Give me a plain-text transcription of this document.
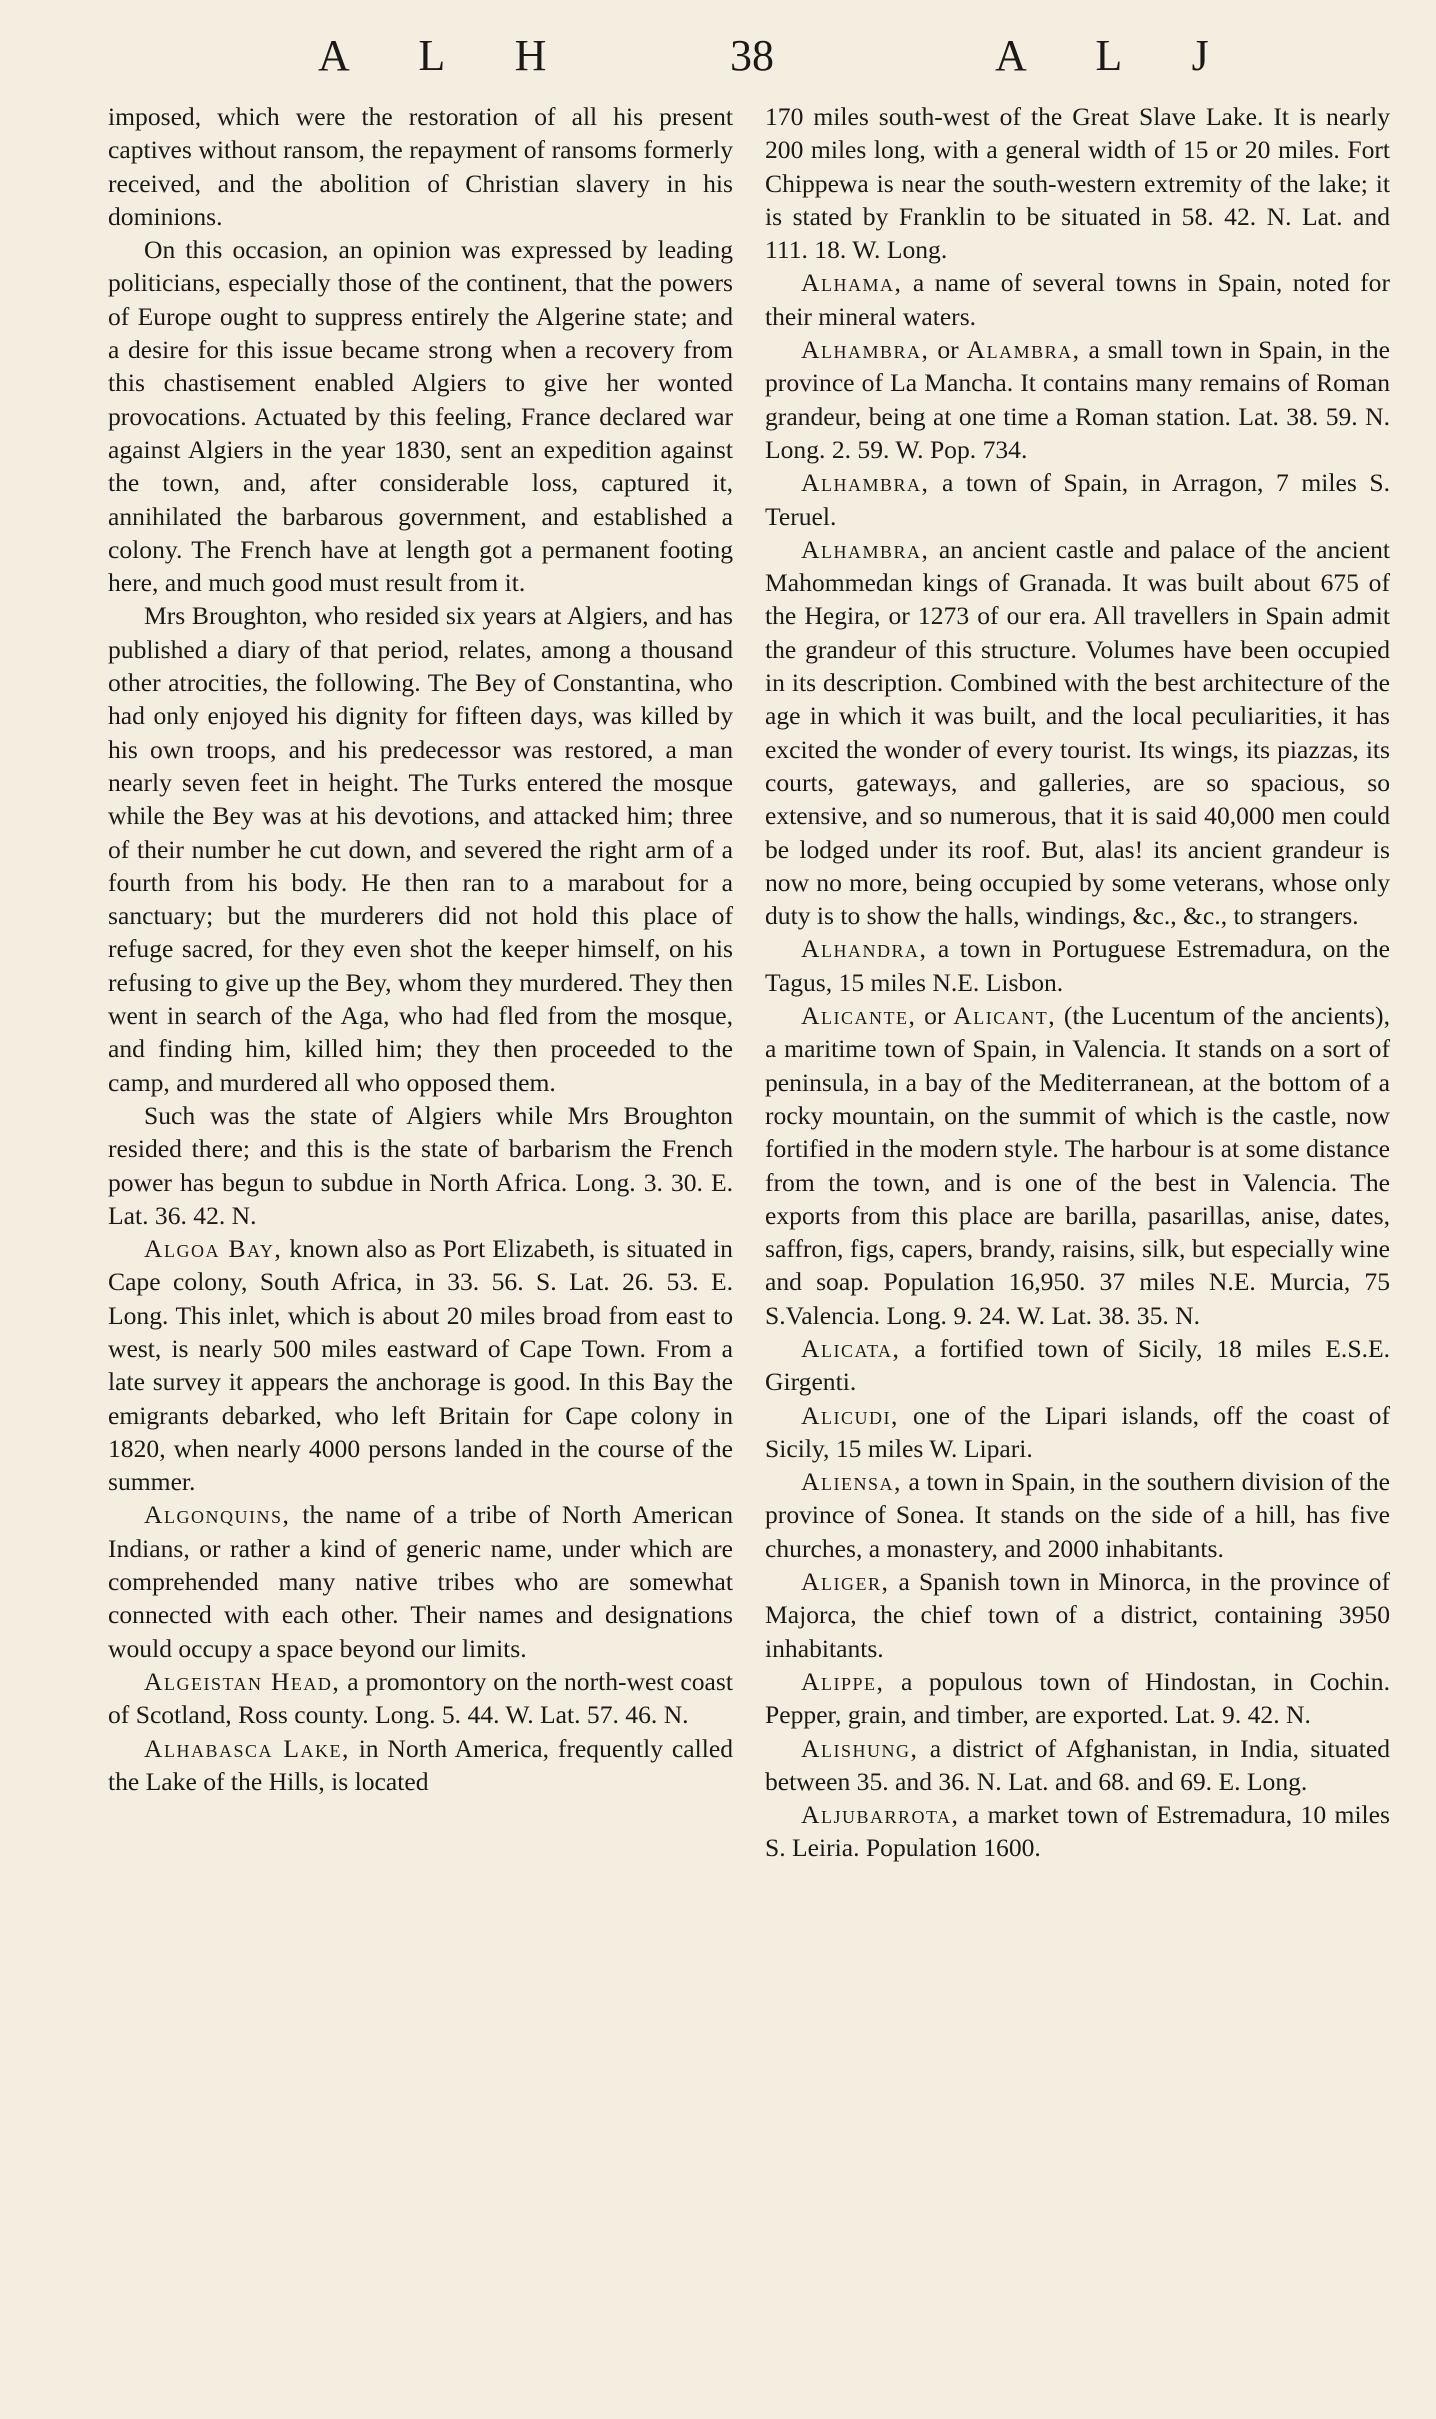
A L H	38	A L J

imposed, which were the restoration of all his present captives without ransom, the repayment of ransoms formerly received, and the abolition of Christian slavery in his dominions.

On this occasion, an opinion was expressed by leading politicians, especially those of the continent, that the powers of Europe ought to suppress entirely the Algerine state; and a desire for this issue became strong when a recovery from this chastisement enabled Algiers to give her wonted provocations. Actuated by this feeling, France declared war against Algiers in the year 1830, sent an expedition against the town, and, after considerable loss, captured it, annihilated the barbarous government, and established a colony. The French have at length got a permanent footing here, and much good must result from it.

Mrs Broughton, who resided six years at Algiers, and has published a diary of that period, relates, among a thousand other atrocities, the following. The Bey of Constantina, who had only enjoyed his dignity for fifteen days, was killed by his own troops, and his predecessor was restored, a man nearly seven feet in height. The Turks entered the mosque while the Bey was at his devotions, and attacked him; three of their number he cut down, and severed the right arm of a fourth from his body. He then ran to a marabout for a sanctuary; but the murderers did not hold this place of refuge sacred, for they even shot the keeper himself, on his refusing to give up the Bey, whom they murdered. They then went in search of the Aga, who had fled from the mosque, and finding him, killed him; they then proceeded to the camp, and murdered all who opposed them.

Such was the state of Algiers while Mrs Broughton resided there; and this is the state of barbarism the French power has begun to subdue in North Africa. Long. 3. 30. E. Lat. 36. 42. N.

Algoa Bay, known also as Port Elizabeth, is situated in Cape colony, South Africa, in 33. 56. S. Lat. 26. 53. E. Long. This inlet, which is about 20 miles broad from east to west, is nearly 500 miles eastward of Cape Town. From a late survey it appears the anchorage is good. In this Bay the emigrants debarked, who left Britain for Cape colony in 1820, when nearly 4000 persons landed in the course of the summer.

Algonquins, the name of a tribe of North American Indians, or rather a kind of generic name, under which are comprehended many native tribes who are somewhat connected with each other. Their names and designations would occupy a space beyond our limits.

Algeistan Head, a promontory on the north-west coast of Scotland, Ross county. Long. 5. 44. W. Lat. 57. 46. N.

Alhabasca Lake, in North America, frequently called the Lake of the Hills, is located

170 miles south-west of the Great Slave Lake. It is nearly 200 miles long, with a general width of 15 or 20 miles. Fort Chippewa is near the south-western extremity of the lake; it is stated by Franklin to be situated in 58. 42. N. Lat. and 111. 18. W. Long.

Alhama, a name of several towns in Spain, noted for their mineral waters.

Alhambra, or Alambra, a small town in Spain, in the province of La Mancha. It contains many remains of Roman grandeur, being at one time a Roman station. Lat. 38. 59. N. Long. 2. 59. W. Pop. 734.

Alhambra, a town of Spain, in Arragon, 7 miles S. Teruel.

Alhambra, an ancient castle and palace of the ancient Mahommedan kings of Granada. It was built about 675 of the Hegira, or 1273 of our era. All travellers in Spain admit the grandeur of this structure. Volumes have been occupied in its description. Combined with the best architecture of the age in which it was built, and the local peculiarities, it has excited the wonder of every tourist. Its wings, its piazzas, its courts, gateways, and galleries, are so spacious, so extensive, and so numerous, that it is said 40,000 men could be lodged under its roof. But, alas! its ancient grandeur is now no more, being occupied by some veterans, whose only duty is to show the halls, windings, &c., &c., to strangers.

Alhandra, a town in Portuguese Estremadura, on the Tagus, 15 miles N.E. Lisbon.

Alicante, or Alicant, (the Lucentum of the ancients), a maritime town of Spain, in Valencia. It stands on a sort of peninsula, in a bay of the Mediterranean, at the bottom of a rocky mountain, on the summit of which is the castle, now fortified in the modern style. The harbour is at some distance from the town, and is one of the best in Valencia. The exports from this place are barilla, pasarillas, anise, dates, saffron, figs, capers, brandy, raisins, silk, but especially wine and soap. Population 16,950. 37 miles N.E. Murcia, 75 S.Valencia. Long. 9. 24. W. Lat. 38. 35. N.

Alicata, a fortified town of Sicily, 18 miles E.S.E. Girgenti.

Alicudi, one of the Lipari islands, off the coast of Sicily, 15 miles W. Lipari.

Aliensa, a town in Spain, in the southern division of the province of Sonea. It stands on the side of a hill, has five churches, a monastery, and 2000 inhabitants.

Aliger, a Spanish town in Minorca, in the province of Majorca, the chief town of a district, containing 3950 inhabitants.

Alippe, a populous town of Hindostan, in Cochin. Pepper, grain, and timber, are exported. Lat. 9. 42. N.

Alishung, a district of Afghanistan, in India, situated between 35. and 36. N. Lat. and 68. and 69. E. Long.

Aljubarrota, a market town of Estremadura, 10 miles S. Leiria. Population 1600.
